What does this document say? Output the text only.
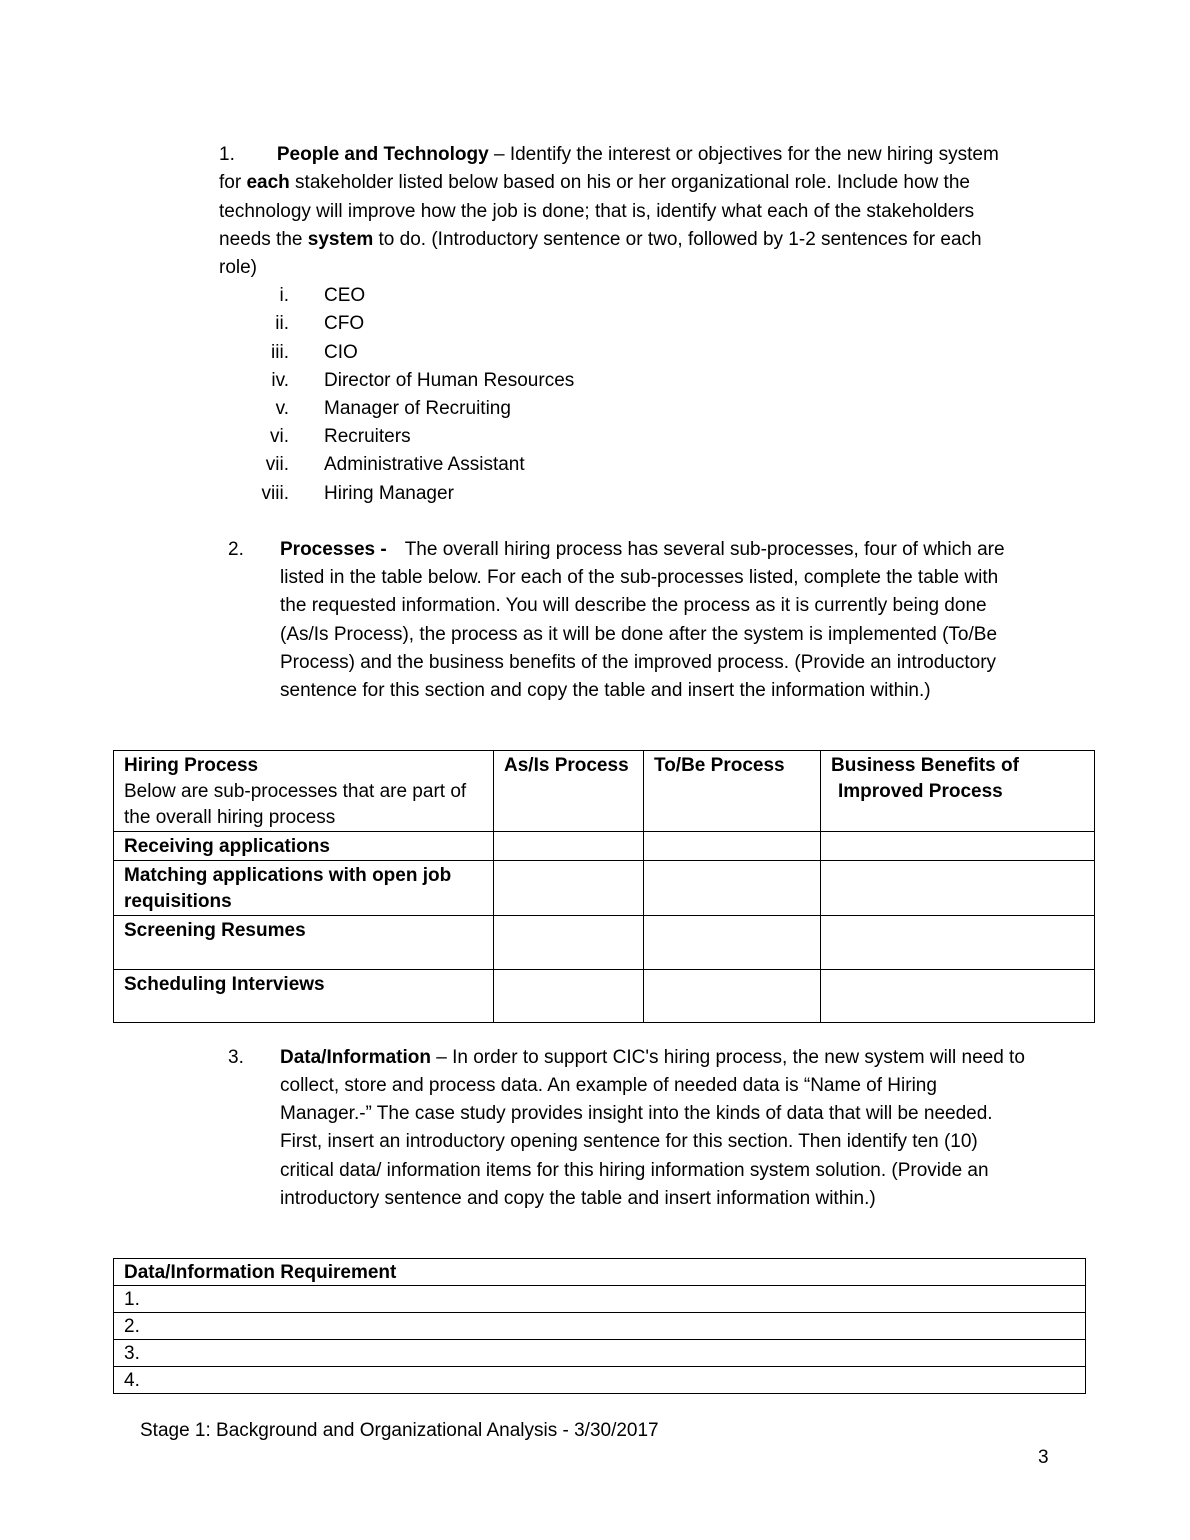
1. People and Technology – Identify the interest or objectives for the new hiring system
for each stakeholder listed below based on his or her organizational role. Include how the
technology will improve how the job is done; that is, identify what each of the stakeholders
needs the system to do. (Introductory sentence or two, followed by 1-2 sentences for each
role)
i. CEO
ii. CFO
iii. CIO
iv. Director of Human Resources
v. Manager of Recruiting
vi. Recruiters
vii. Administrative Assistant
viii. Hiring Manager
2. Processes - The overall hiring process has several sub-processes, four of which are
listed in the table below. For each of the sub-processes listed, complete the table with
the requested information. You will describe the process as it is currently being done
(As/Is Process), the process as it will be done after the system is implemented (To/Be
Process) and the business benefits of the improved process. (Provide an introductory
sentence for this section and copy the table and insert the information within.)
Hiring Process
Below are sub-processes that are part of the overall hiring process	As/Is Process	To/Be Process	Business Benefits of
Improved Process
Receiving applications			
Matching applications with open job requisitions			
Screening Resumes			
Scheduling Interviews			
3. Data/Information – In order to support CIC's hiring process, the new system will need to
collect, store and process data. An example of needed data is “Name of Hiring
Manager.-” The case study provides insight into the kinds of data that will be needed.
First, insert an introductory opening sentence for this section. Then identify ten (10)
critical data/ information items for this hiring information system solution. (Provide an
introductory sentence and copy the table and insert information within.)
Data/Information Requirement
1.
2.
3.
4.
Stage 1: Background and Organizational Analysis - 3/30/2017
3
